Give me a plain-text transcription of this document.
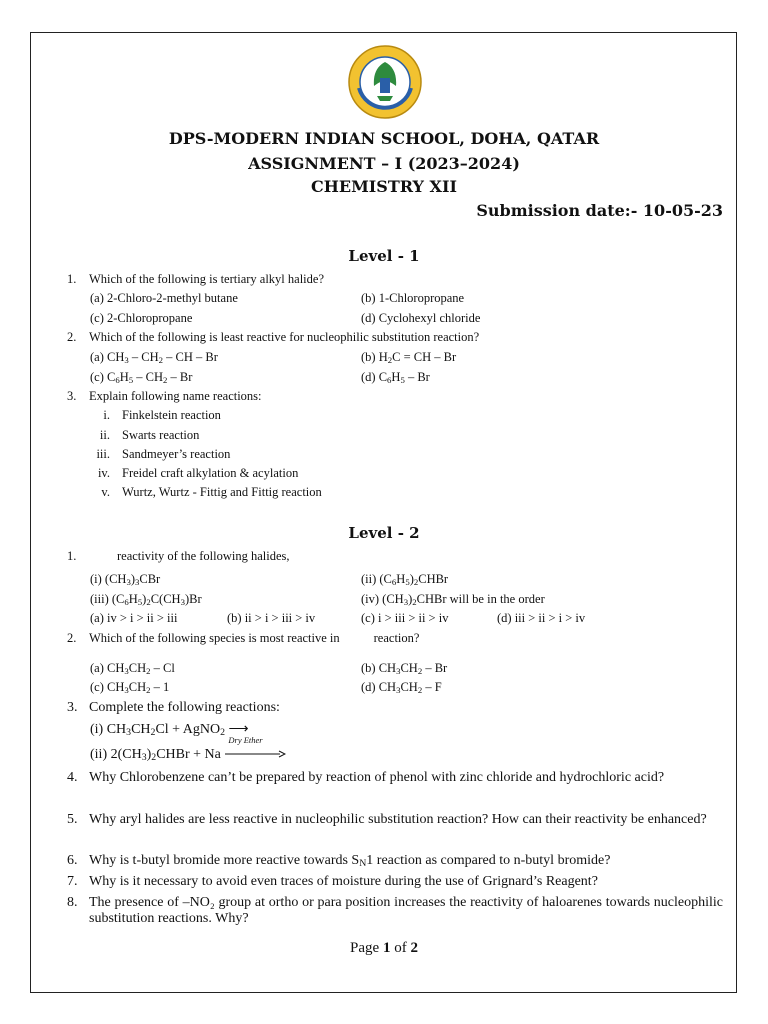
DPS-MODERN INDIAN SCHOOL, DOHA, QATAR
ASSIGNMENT – I (2023–2024)
CHEMISTRY XII
Submission date:- 10-05-23
Level - 1
1. Which of the following is tertiary alkyl halide?
(a) 2-Chloro-2-methyl butane	(b) 1-Chloropropane
(c) 2-Chloropropane	(d) Cyclohexyl chloride
2. Which of the following is least reactive for nucleophilic substitution reaction?
(a) $CH_3 - CH_2$ – CH – Br	(b) $H_2C$ = CH – Br
(c) $C_6H_5 - CH_2$ – Br	(d) $C_6H_5$ – Br
3. Explain following name reactions:
i. Finkelstein reaction
ii. Swarts reaction
iii. Sandmeyer’s reaction
iv. Freidel craft alkylation & acylation
v. Wurtz, Wurtz - Fittig and Fittig reaction
Level - 2
1.	reactivity of the following halides,
(i) $(CH_3)_3CBr$	(ii) $(C_6H_5)_2CHBr$
(iii) $(C_6H_5)_2C(CH_3)Br$	(iv) $(CH_3)_2CHBr$ will be in the order
(a) iv > i > ii > iii	(b) ii > i > iii > iv	(c) i > iii > ii > iv	(d) iii > ii > i > iv
2. Which of the following species is most reactive in	reaction?
(a) $CH_3CH_2$ – Cl	(b) $CH_3CH_2$ – Br
(c) $CH_3CH_2 - 1$	(d) $CH_3CH_2$ – F
3. Complete the following reactions:
(i) $CH_3CH_2Cl$ + AgNO$_2$ ⟶
(ii) $2(CH_3)_2CHBr + Na$
Dry Ether
4. Why Chlorobenzene can’t be prepared by reaction of phenol with zinc chloride and hydrochloric acid?
5. Why aryl halides are less reactive in nucleophilic substitution reaction? How can their reactivity be enhanced?
6. Why is t-butyl bromide more reactive towards $S_N1$ reaction as compared to n-butyl bromide?
7. Why is it necessary to avoid even traces of moisture during the use of Grignard’s Reagent?
8. The presence of –NO₂ group at ortho or para position increases the reactivity of haloarenes towards nucleophilic substitution reactions. Why?
Page 1 of 2
